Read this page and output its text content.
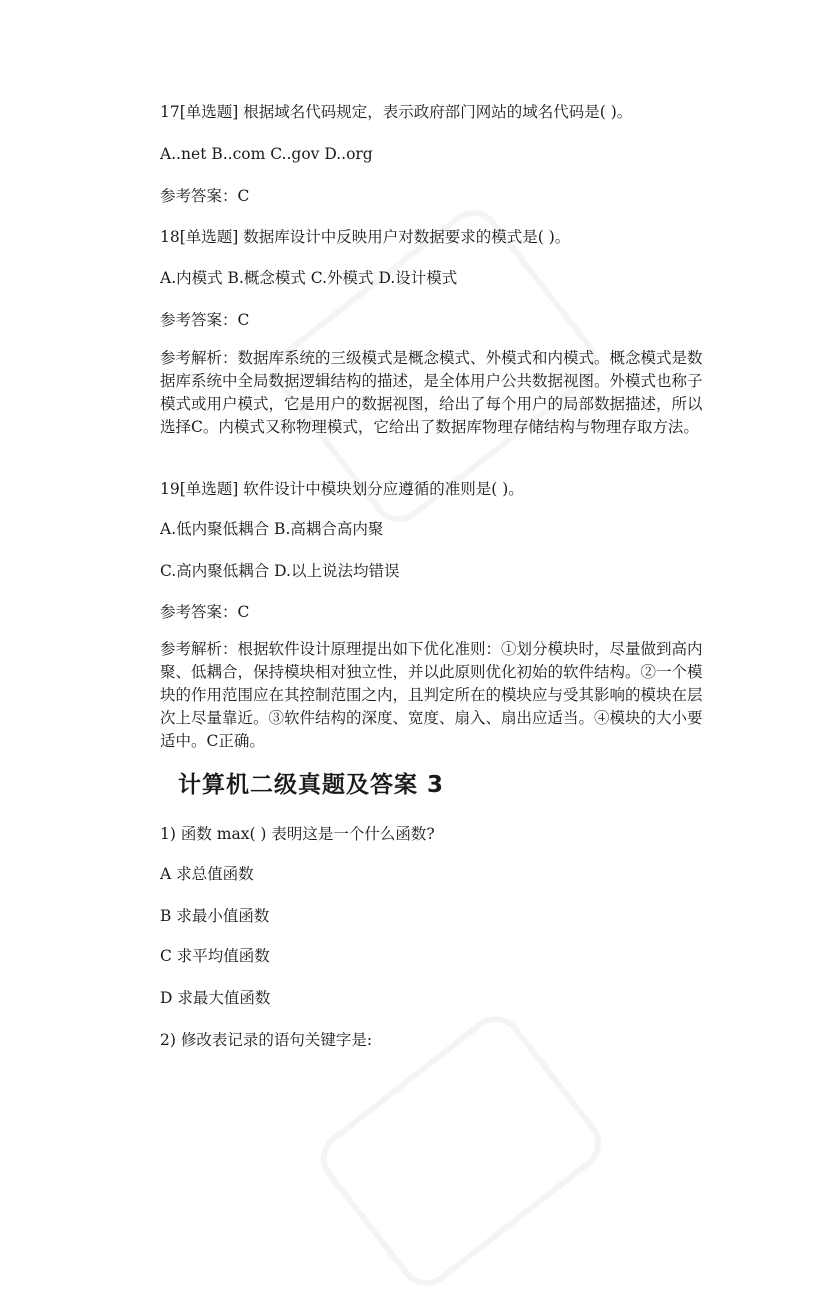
17[单选题] 根据域名代码规定，表示政府部门网站的域名代码是( )。
A..net B..com C..gov D..org
参考答案：C
18[单选题] 数据库设计中反映用户对数据要求的模式是( )。
A.内模式 B.概念模式 C.外模式 D.设计模式
参考答案：C
参考解析：数据库系统的三级模式是概念模式、外模式和内模式。概念模式是数据库系统中全局数据逻辑结构的描述，是全体用户公共数据视图。外模式也称子模式或用户模式，它是用户的数据视图，给出了每个用户的局部数据描述，所以选择C。内模式又称物理模式，它给出了数据库物理存储结构与物理存取方法。
19[单选题] 软件设计中模块划分应遵循的准则是( )。
A.低内聚低耦合 B.高耦合高内聚
C.高内聚低耦合 D.以上说法均错误
参考答案：C
参考解析：根据软件设计原理提出如下优化准则：①划分模块时，尽量做到高内聚、低耦合，保持模块相对独立性，并以此原则优化初始的软件结构。②一个模块的作用范围应在其控制范围之内，且判定所在的模块应与受其影响的模块在层次上尽量靠近。③软件结构的深度、宽度、扇入、扇出应适当。④模块的大小要适中。C正确。
计算机二级真题及答案 3
1) 函数 max( ) 表明这是一个什么函数?
A 求总值函数
B 求最小值函数
C 求平均值函数
D 求最大值函数
2) 修改表记录的语句关键字是:
